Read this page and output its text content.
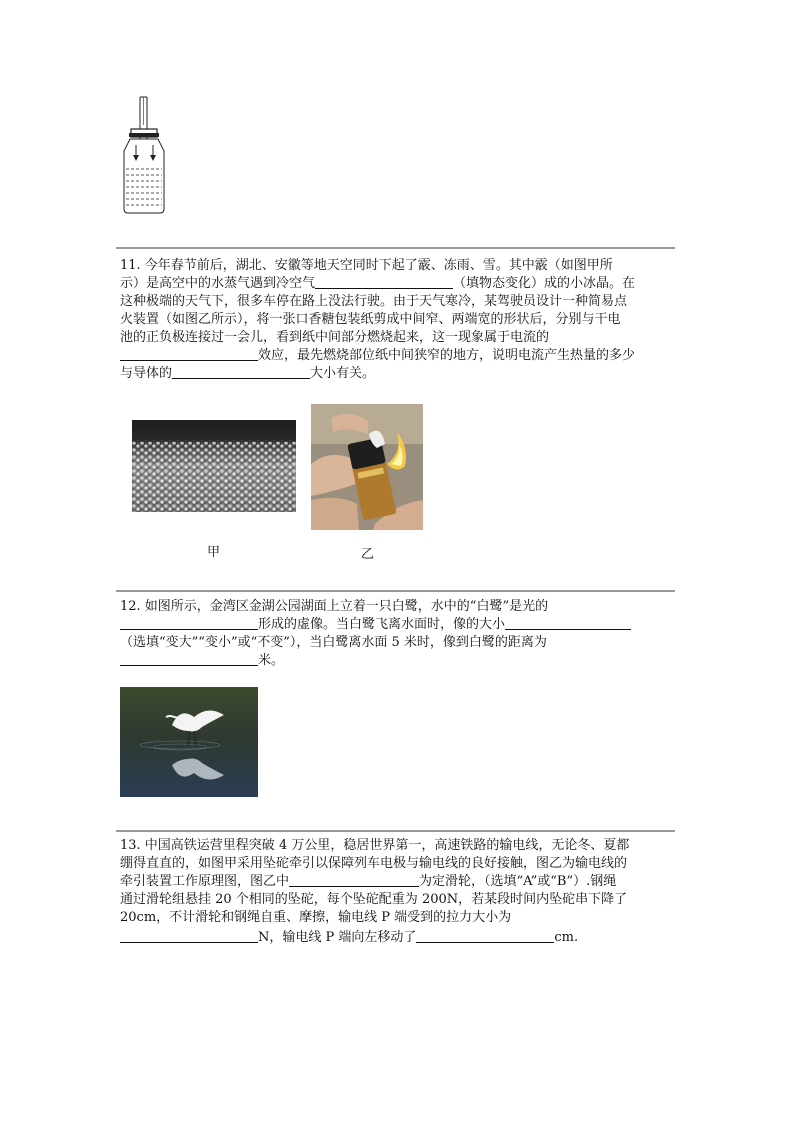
11. 今年春节前后，湖北、安徽等地天空同时下起了霰、冻雨、雪。其中霰（如图甲所
示）是高空中的水蒸气遇到冷空气	（填物态变化）成的小冰晶。在
这种极端的天气下，很多车停在路上没法行驶。由于天气寒冷，某驾驶员设计一种简易点
火装置（如图乙所示），将一张口香糖包装纸剪成中间窄、两端宽的形状后，分别与干电
池的正负极连接过一会儿，看到纸中间部分燃烧起来，这一现象属于电流的
效应，最先燃烧部位纸中间狭窄的地方，说明电流产生热量的多少
与导体的	大小有关。
甲	乙
12. 如图所示，金湾区金湖公园湖面上立着一只白鹭，水中的“白鹭”是光的
形成的虚像。当白鹭飞离水面时，像的大小
（选填“变大”“变小”或“不变”），当白鹭离水面 5 米时，像到白鹭的距离为
米。
13. 中国高铁运营里程突破 4 万公里，稳居世界第一，高速铁路的输电线，无论冬、夏都
绷得直直的，如图甲采用坠砣牵引以保障列车电极与输电线的良好接触，图乙为输电线的
牵引装置工作原理图，图乙中	为定滑轮，（选填“A”或“B”）.钢绳
通过滑轮组悬挂 20 个相同的坠砣，每个坠砣配重为 200N，若某段时间内坠砣串下降了
20cm，不计滑轮和钢绳自重、摩擦，输电线 P 端受到的拉力大小为
N，输电线 P 端向左移动了	cm.
